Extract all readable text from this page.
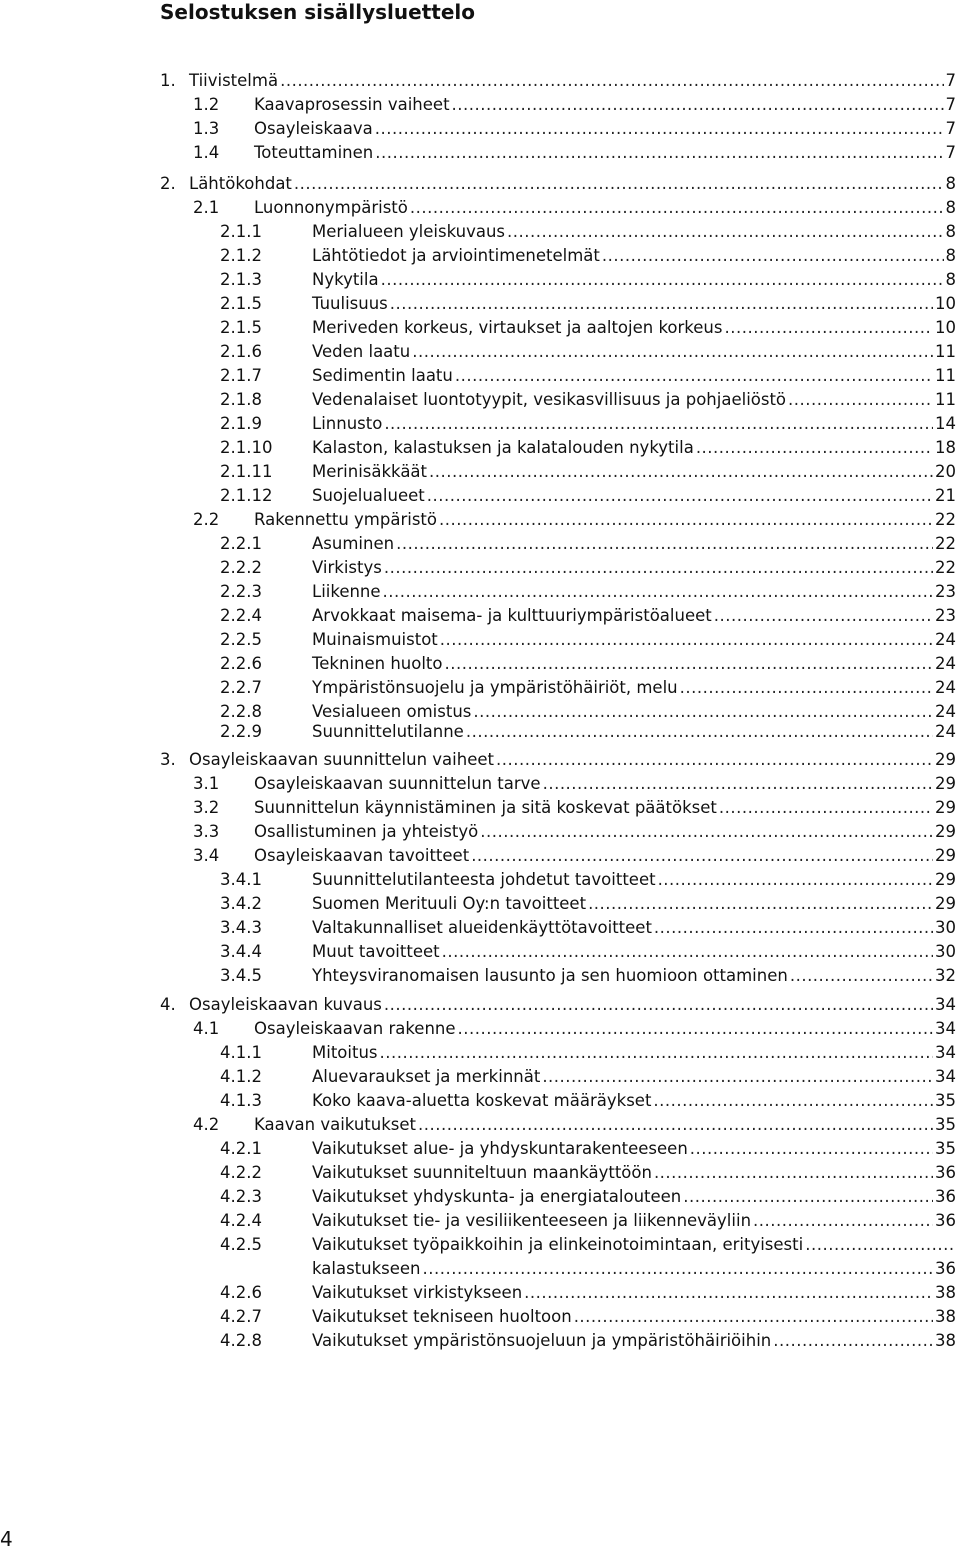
Selostuksen sisällysluettelo
1. Tiivistelmä .....	7
1.2	Kaavaprosessin vaiheet .....	7
1.3	Osayleiskaava .....	7
1.4	Toteuttaminen .....	7
2. Lähtökohdat .....	8
2.1	Luonnonympäristö .....	8
2.1.1	Merialueen yleiskuvaus .....	8
2.1.2	Lähtötiedot ja arviointimenetelmät .....	8
2.1.3	Nykytila .....	8
2.1.5	Tuulisuus .....	10
2.1.5	Meriveden korkeus, virtaukset ja aaltojen korkeus .....	10
2.1.6	Veden laatu .....	11
2.1.7	Sedimentin laatu .....	11
2.1.8	Vedenalaiset luontotyypit, vesikasvillisuus ja pohjaeliöstö .....	11
2.1.9	Linnusto .....	14
2.1.10	Kalaston, kalastuksen ja kalatalouden nykytila .....	18
2.1.11	Merinisäkkäät .....	20
2.1.12	Suojelualueet .....	21
2.2	Rakennettu ympäristö .....	22
2.2.1	Asuminen .....	22
2.2.2	Virkistys .....	22
2.2.3	Liikenne .....	23
2.2.4	Arvokkaat maisema- ja kulttuuriympäristöalueet .....	23
2.2.5	Muinaismuistot .....	24
2.2.6	Tekninen huolto .....	24
2.2.7	Ympäristönsuojelu ja ympäristöhäiriöt, melu .....	24
2.2.8	Vesialueen omistus .....	24
2.2.9	Suunnittelutilanne .....	24
3. Osayleiskaavan suunnittelun vaiheet .....	29
3.1	Osayleiskaavan suunnittelun tarve .....	29
3.2	Suunnittelun käynnistäminen ja sitä koskevat päätökset .....	29
3.3	Osallistuminen ja yhteistyö .....	29
3.4	Osayleiskaavan tavoitteet .....	29
3.4.1	Suunnittelutilanteesta johdetut tavoitteet .....	29
3.4.2	Suomen Merituuli Oy:n tavoitteet .....	29
3.4.3	Valtakunnalliset alueidenkäyttötavoitteet .....	30
3.4.4	Muut tavoitteet .....	30
3.4.5	Yhteysviranomaisen lausunto ja sen huomioon ottaminen .....	32
4. Osayleiskaavan kuvaus .....	34
4.1	Osayleiskaavan rakenne .....	34
4.1.1	Mitoitus .....	34
4.1.2	Aluevaraukset ja merkinnät .....	34
4.1.3	Koko kaava-aluetta koskevat määräykset .....	35
4.2	Kaavan vaikutukset .....	35
4.2.1	Vaikutukset alue- ja yhdyskuntarakenteeseen .....	35
4.2.2	Vaikutukset suunniteltuun maankäyttöön .....	36
4.2.3	Vaikutukset yhdyskunta- ja energiatalouteen .....	36
4.2.4	Vaikutukset tie- ja vesiliikenteeseen ja liikenneväyliin .....	36
4.2.5	Vaikutukset työpaikkoihin ja elinkeinotoimintaan, erityisesti
.....
kalastukseen .....	36
4.2.6	Vaikutukset virkistykseen .....	38
4.2.7	Vaikutukset tekniseen huoltoon .....	38
4.2.8	Vaikutukset ympäristönsuojeluun ja ympäristöhäiriöihin .....	38
4
